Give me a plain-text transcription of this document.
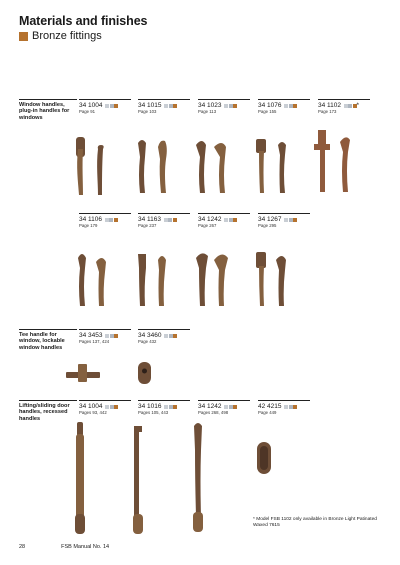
Materials and finishes
Bronze fittings
Window handles, plug-in handles for windows
Tee handle for window, lockable window handles
Lifting/sliding door handles, recessed handles
34 1004
Page 91
34 1015
Page 103
34 1023
Page 113
34 1076
Page 155
34 1102 *
Page 173
34 1106
Page 179
34 1163
Page 237
34 1242
Page 267
34 1267
Page 295
34 3453
Pages 137, 424
34 3460
Page 432
34 1004
Pages 93, 442
34 1016
Pages 105, 443
34 1242
Pages 268, 498
42 4215
Page 449
* Model FSB 1102 only available in Bronze Light Patinated Waxed 7615
28	FSB Manual No. 14
